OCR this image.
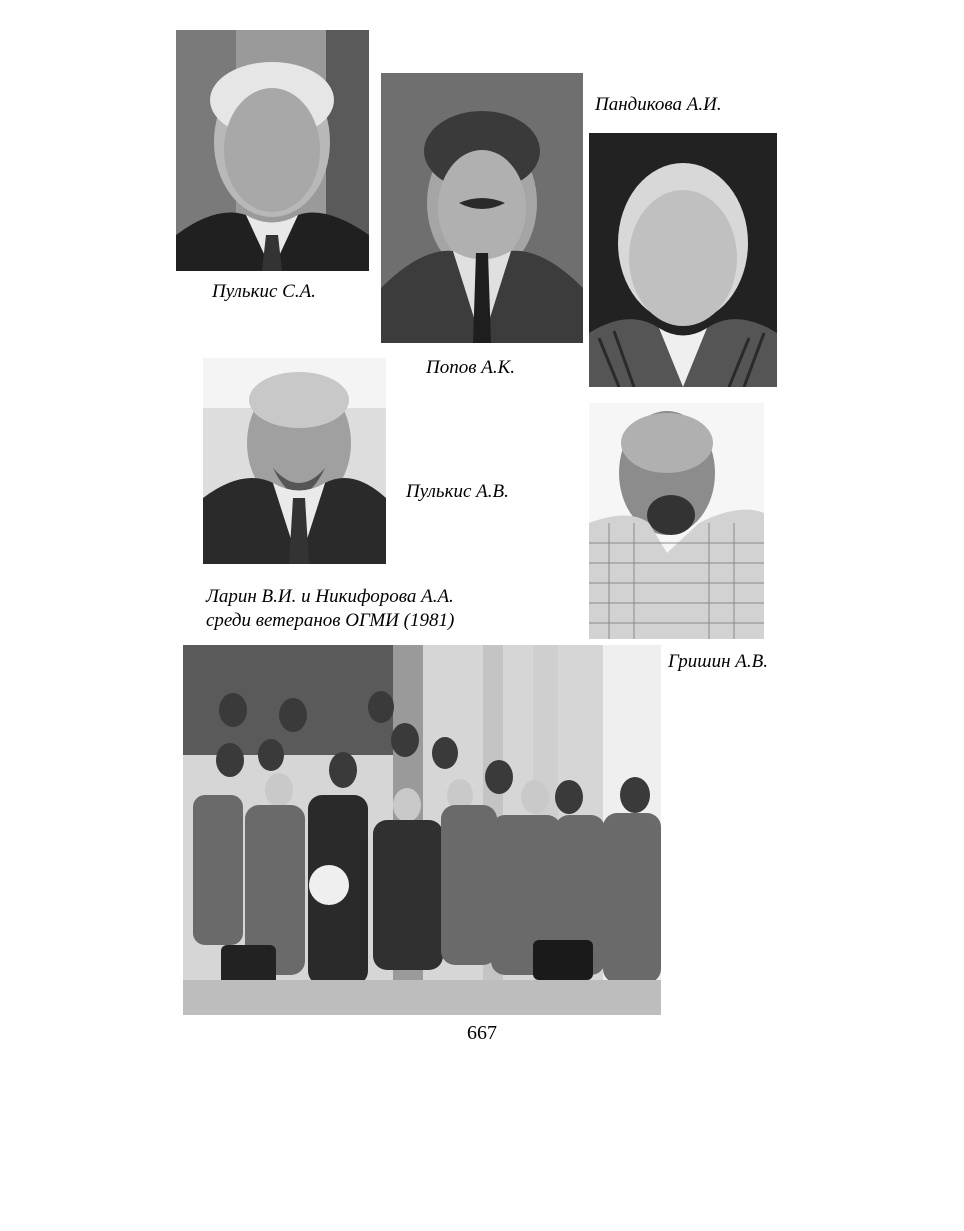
Пулькис С.А.
Попов А.К.
Пандикова А.И.
Пулькис А.В.
Гришин А.В.
Ларин В.И. и Никифорова А.А.
среди ветеранов ОГМИ (1981)
667
